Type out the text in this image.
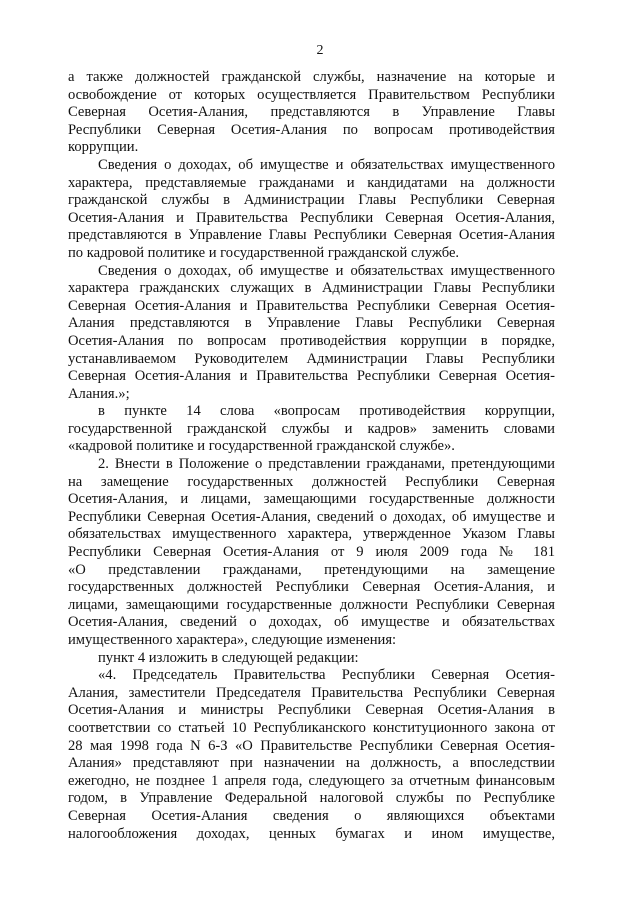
2
а также должностей гражданской службы, назначение на которые и
освобождение от которых осуществляется Правительством Республики
Северная Осетия-Алания, представляются в Управление Главы
Республики Северная Осетия-Алания по вопросам противодействия
коррупции.
Сведения о доходах, об имуществе и обязательствах имущественного
характера, представляемые гражданами и кандидатами на должности
гражданской службы в Администрации Главы Республики Северная
Осетия-Алания и Правительства Республики Северная Осетия-Алания,
представляются в Управление Главы Республики Северная Осетия-Алания
по кадровой политике и государственной гражданской службе.
Сведения о доходах, об имуществе и обязательствах имущественного
характера гражданских служащих в Администрации Главы Республики
Северная Осетия-Алания и Правительства Республики Северная Осетия-
Алания представляются в Управление Главы Республики Северная
Осетия-Алания по вопросам противодействия коррупции в порядке,
устанавливаемом Руководителем Администрации Главы Республики
Северная Осетия-Алания и Правительства Республики Северная Осетия-
Алания.»;
в пункте 14 слова «вопросам противодействия коррупции,
государственной гражданской службы и кадров» заменить словами
«кадровой политике и государственной гражданской службе».
2. Внести в Положение о представлении гражданами, претендующими
на замещение государственных должностей Республики Северная
Осетия-Алания, и лицами, замещающими государственные должности
Республики Северная Осетия-Алания, сведений о доходах, об имуществе и
обязательствах имущественного характера, утвержденное Указом Главы
Республики Северная Осетия-Алания от 9 июля 2009 года № 181
«О представлении гражданами, претендующими на замещение
государственных должностей Республики Северная Осетия-Алания, и
лицами, замещающими государственные должности Республики Северная
Осетия-Алания, сведений о доходах, об имуществе и обязательствах
имущественного характера», следующие изменения:
пункт 4 изложить в следующей редакции:
«4. Председатель Правительства Республики Северная Осетия-
Алания, заместители Председателя Правительства Республики Северная
Осетия-Алания и министры Республики Северная Осетия-Алания в
соответствии со статьей 10 Республиканского конституционного закона от
28 мая 1998 года N 6-З «О Правительстве Республики Северная Осетия-
Алания» представляют при назначении на должность, а впоследствии
ежегодно, не позднее 1 апреля года, следующего за отчетным финансовым
годом, в Управление Федеральной налоговой службы по Республике
Северная Осетия-Алания сведения о являющихся объектами
налогообложения доходах, ценных бумагах и ином имуществе,
